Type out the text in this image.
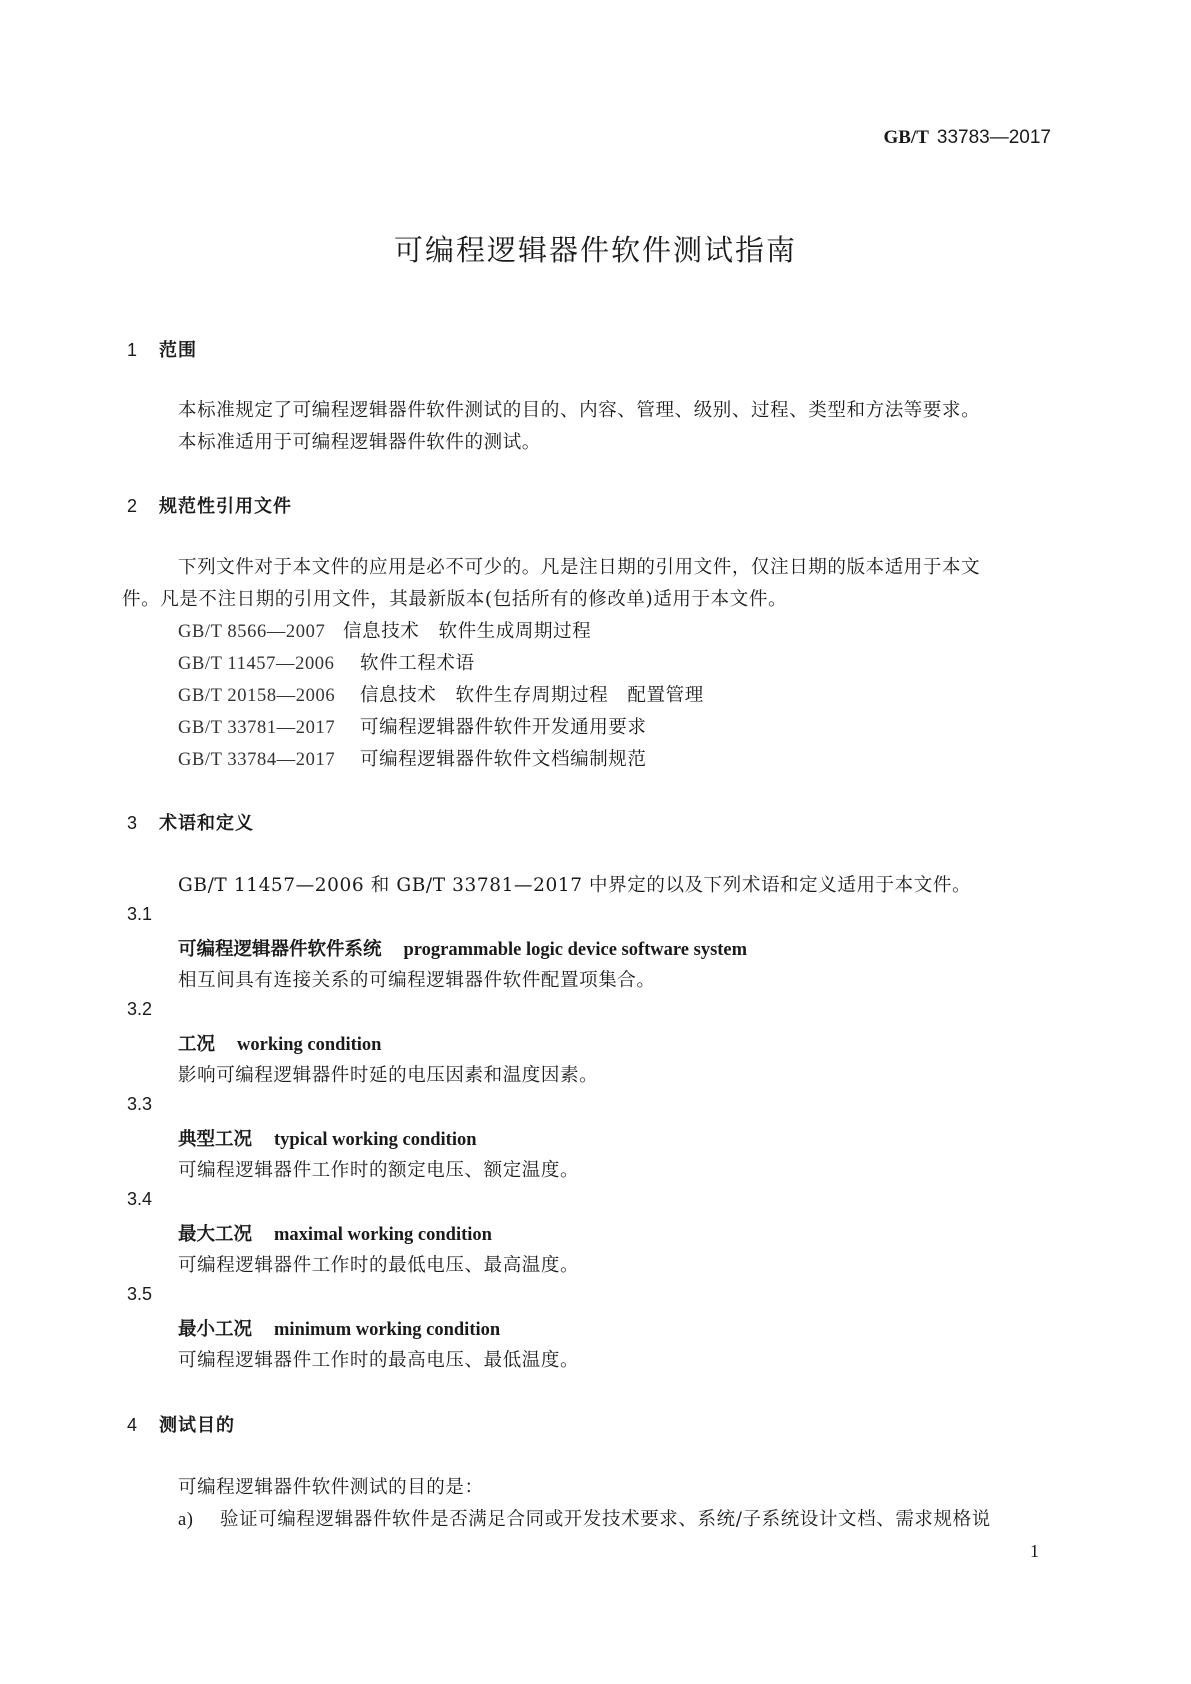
GB/T 33783—2017
可编程逻辑器件软件测试指南
1 范围
本标准规定了可编程逻辑器件软件测试的目的、内容、管理、级别、过程、类型和方法等要求。
本标准适用于可编程逻辑器件软件的测试。
2 规范性引用文件
下列文件对于本文件的应用是必不可少的。凡是注日期的引用文件，仅注日期的版本适用于本文
件。凡是不注日期的引用文件，其最新版本(包括所有的修改单)适用于本文件。
GB/T 8566—2007 信息技术　软件生成周期过程
GB/T 11457—2006 软件工程术语
GB/T 20158—2006 信息技术　软件生存周期过程　配置管理
GB/T 33781—2017 可编程逻辑器件软件开发通用要求
GB/T 33784—2017 可编程逻辑器件软件文档编制规范
3 术语和定义
GB/T 11457—2006 和 GB/T 33781—2017 中界定的以及下列术语和定义适用于本文件。
3.1
可编程逻辑器件软件系统 programmable logic device software system
相互间具有连接关系的可编程逻辑器件软件配置项集合。
3.2
工况 working condition
影响可编程逻辑器件时延的电压因素和温度因素。
3.3
典型工况 typical working condition
可编程逻辑器件工作时的额定电压、额定温度。
3.4
最大工况 maximal working condition
可编程逻辑器件工作时的最低电压、最高温度。
3.5
最小工况 minimum working condition
可编程逻辑器件工作时的最高电压、最低温度。
4 测试目的
可编程逻辑器件软件测试的目的是：
a) 验证可编程逻辑器件软件是否满足合同或开发技术要求、系统/子系统设计文档、需求规格说
1
